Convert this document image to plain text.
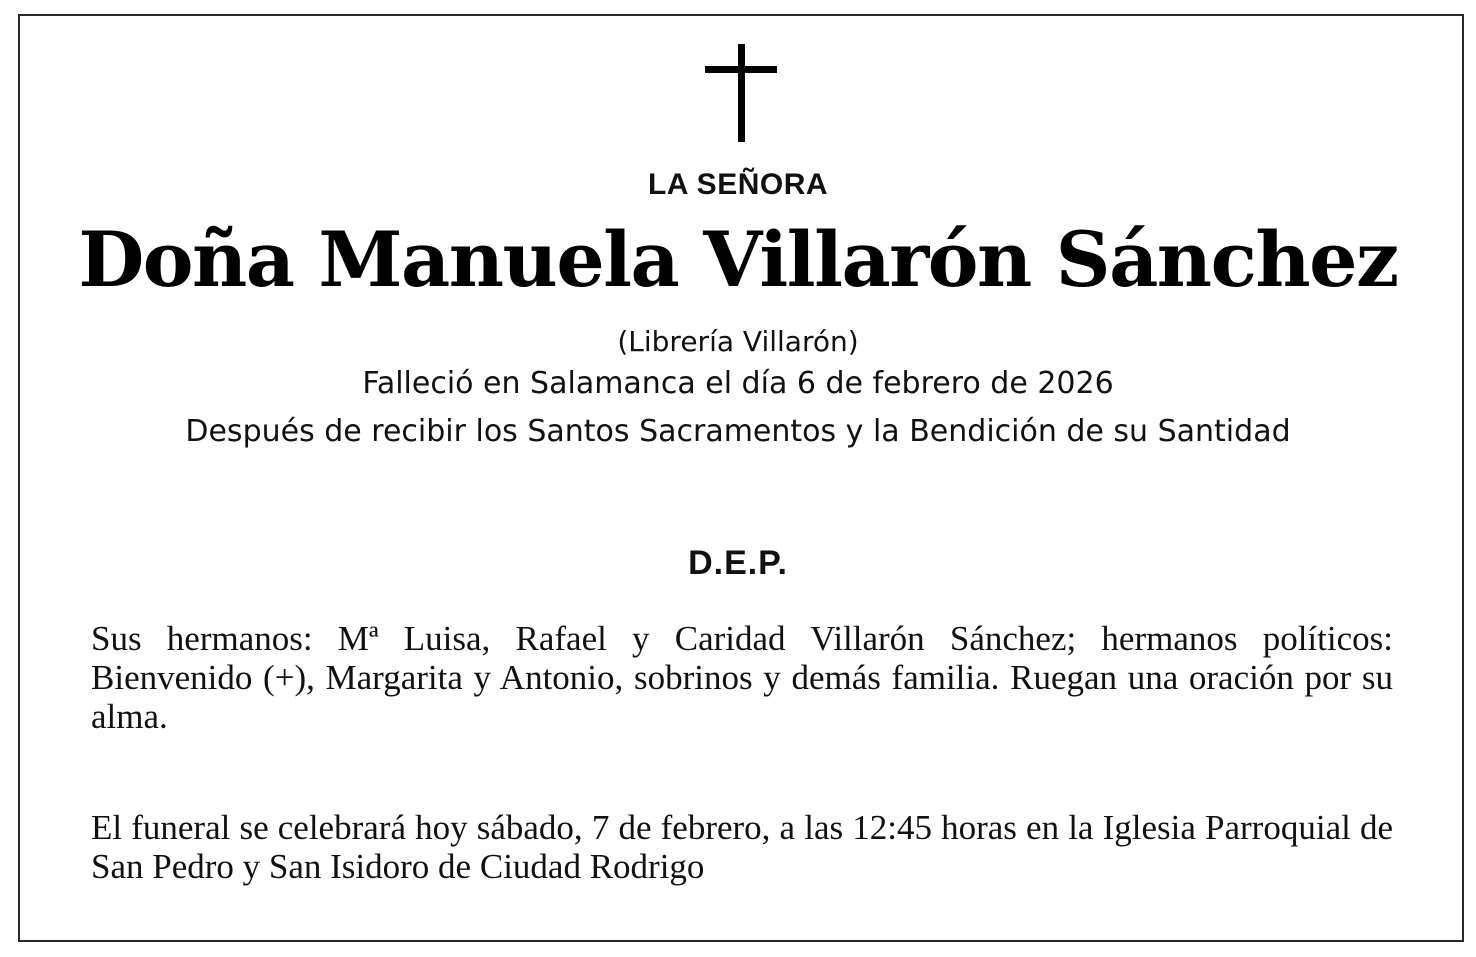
LA SEÑORA
Doña Manuela Villarón Sánchez
(Librería Villarón)
Falleció en Salamanca el día 6 de febrero de 2026
Después de recibir los Santos Sacramentos y la Bendición de su Santidad
D.E.P.
Sus hermanos: Mª Luisa, Rafael y Caridad Villarón Sánchez; hermanos políticos: Bienvenido (+), Margarita y Antonio, sobrinos y demás familia. Ruegan una oración por su alma.
El funeral se celebrará hoy sábado, 7 de febrero, a las 12:45 horas en la Iglesia Parroquial de San Pedro y San Isidoro de Ciudad Rodrigo
